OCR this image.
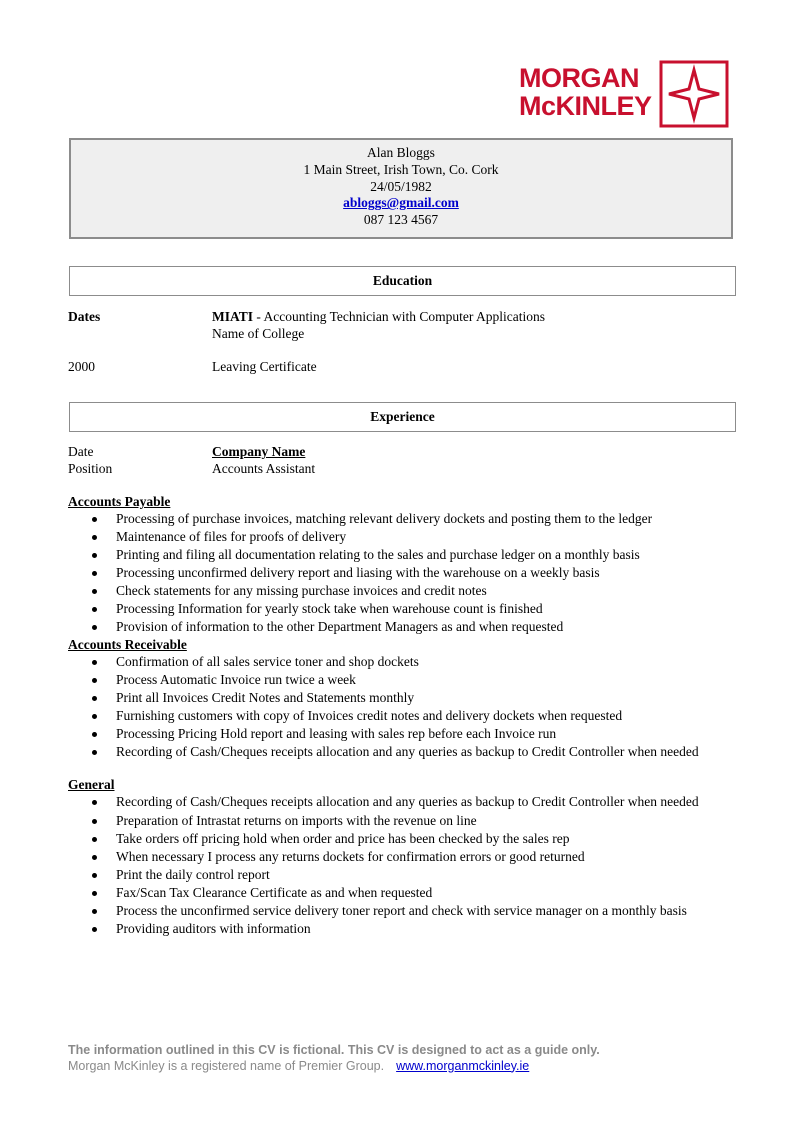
MORGAN
McKINLEY
Alan Bloggs
1 Main Street, Irish Town, Co. Cork
24/05/1982
abloggs@gmail.com
087 123 4567
Education
Dates	MIATI - Accounting Technician with Computer Applications
Name of College
2000	Leaving Certificate
Experience
Date	Company Name
Position	Accounts Assistant
Accounts Payable
Processing of purchase invoices, matching relevant delivery dockets and posting them to the ledger
Maintenance of files for proofs of delivery
Printing and filing all documentation relating to the sales and purchase ledger on a monthly basis
Processing unconfirmed delivery report and liasing with the warehouse on a weekly basis
Check statements for any missing purchase invoices and credit notes
Processing Information for yearly stock take when warehouse count is finished
Provision of information to the other Department Managers as and when requested
Accounts Receivable
Confirmation of all sales service toner and shop dockets
Process Automatic Invoice run twice a week
Print all Invoices Credit Notes and Statements monthly
Furnishing customers with copy of Invoices credit notes and delivery dockets when requested
Processing Pricing Hold report and leasing with sales rep before each Invoice run
Recording of Cash/Cheques receipts allocation and any queries as backup to Credit Controller when needed
General
Recording of Cash/Cheques receipts allocation and any queries as backup to Credit Controller when needed
Preparation of Intrastat returns on imports with the revenue on line
Take orders off pricing hold when order and price has been checked by the sales rep
When necessary I process any returns dockets for confirmation errors or good returned
Print the daily control report
Fax/Scan Tax Clearance Certificate as and when requested
Process the unconfirmed service delivery toner report and check with service manager on a monthly basis
Providing auditors with information
The information outlined in this CV is fictional. This CV is designed to act as a guide only.
Morgan McKinley is a registered name of Premier Group. www.morganmckinley.ie
